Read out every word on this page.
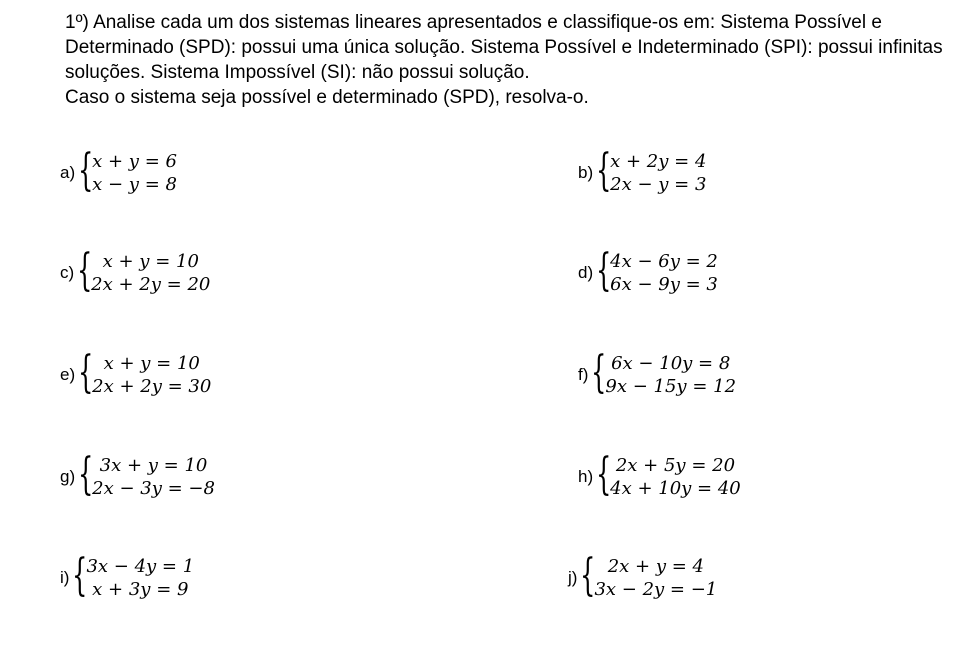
1º) Analise cada um dos sistemas lineares apresentados e classifique-os em: Sistema Possível e
Determinado (SPD): possui uma única solução. Sistema Possível e Indeterminado (SPI): possui infinitas
soluções. Sistema Impossível (SI): não possui solução.
Caso o sistema seja possível e determinado (SPD), resolva-o.
a) {
x + y = 6
x − y = 8
b) {
x + 2y = 4
2x − y = 3
c) { x + y = 10
2x + 2y = 20
d) {
4x − 6y = 2
6x − 9y = 3
e) { x + y = 10
2x + 2y = 30
f) { 6x − 10y = 8
9x − 15y = 12
g) { 3x + y = 10
2x − 3y = −8
h) { 2x + 5y = 20
4x + 10y = 40
i) {
3x − 4y = 1
x + 3y = 9
j) { 2x + y = 4
3x − 2y = −1
